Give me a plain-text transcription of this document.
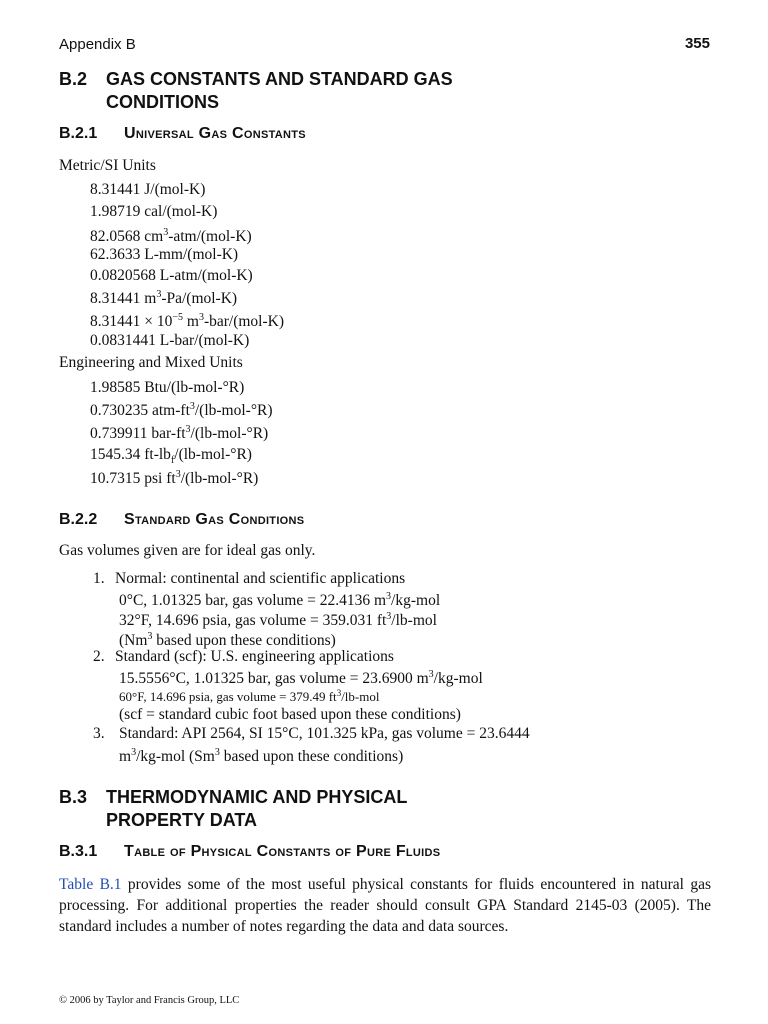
Appendix B	355
B.2 GAS CONSTANTS AND STANDARD GAS
CONDITIONS
B.2.1 Universal Gas Constants
Metric/SI Units
8.31441 J/(mol-K)
1.98719 cal/(mol-K)
82.0568 $cm^3-atm/(mol-K)$
62.3633 L-mm/(mol-K)
0.0820568 L-atm/(mol-K)
8.31441 $m^3-Pa/(mol-K)$
$8.31441 \times 10^{-5}$ $m^3-bar/(mol-K)$
0.0831441 L-bar/(mol-K)
Engineering and Mixed Units
1.98585 Btu/(lb-mol-°R)
0.730235 atm-$ft^3/(lb-mol-^\circ R)$
0.739911 bar-$ft^3/(lb-mol-^\circ R)$
1545.34 $ft-lb_f/(lb-mol-^\circ R)$
10.7315 psi $ft^3/(lb-mol-^\circ R)$
B.2.2 Standard Gas Conditions
Gas volumes given are for ideal gas only.
1. Normal: continental and scientific applications
0°C, 1.01325 bar, gas volume = 22.4136 $m^3/kg$-mol
32°F, 14.696 psia, gas volume = 359.031 $ft^3/lb$-mol
(Nm$^3$ based upon these conditions)
2. Standard (scf): U.S. engineering applications
15.5556°C, 1.01325 bar, gas volume = 23.6900 $m^3/kg$-mol
60°F, 14.696 psia, gas volume = 379.49 $ft^3/lb$-mol
(scf = standard cubic foot based upon these conditions)
3. Standard: API 2564, SI 15°C, 101.325 kPa, gas volume = 23.6444
$m^3/kg$-mol (Sm$^3$ based upon these conditions)
B.3 THERMODYNAMIC AND PHYSICAL
PROPERTY DATA
B.3.1 Table of Physical Constants of Pure Fluids
Table B.1 provides some of the most useful physical constants for fluids encountered in natural gas processing. For additional properties the reader should consult GPA Standard 2145-03 (2005). The standard includes a number of notes regarding the data and data sources.
© 2006 by Taylor and Francis Group, LLC
